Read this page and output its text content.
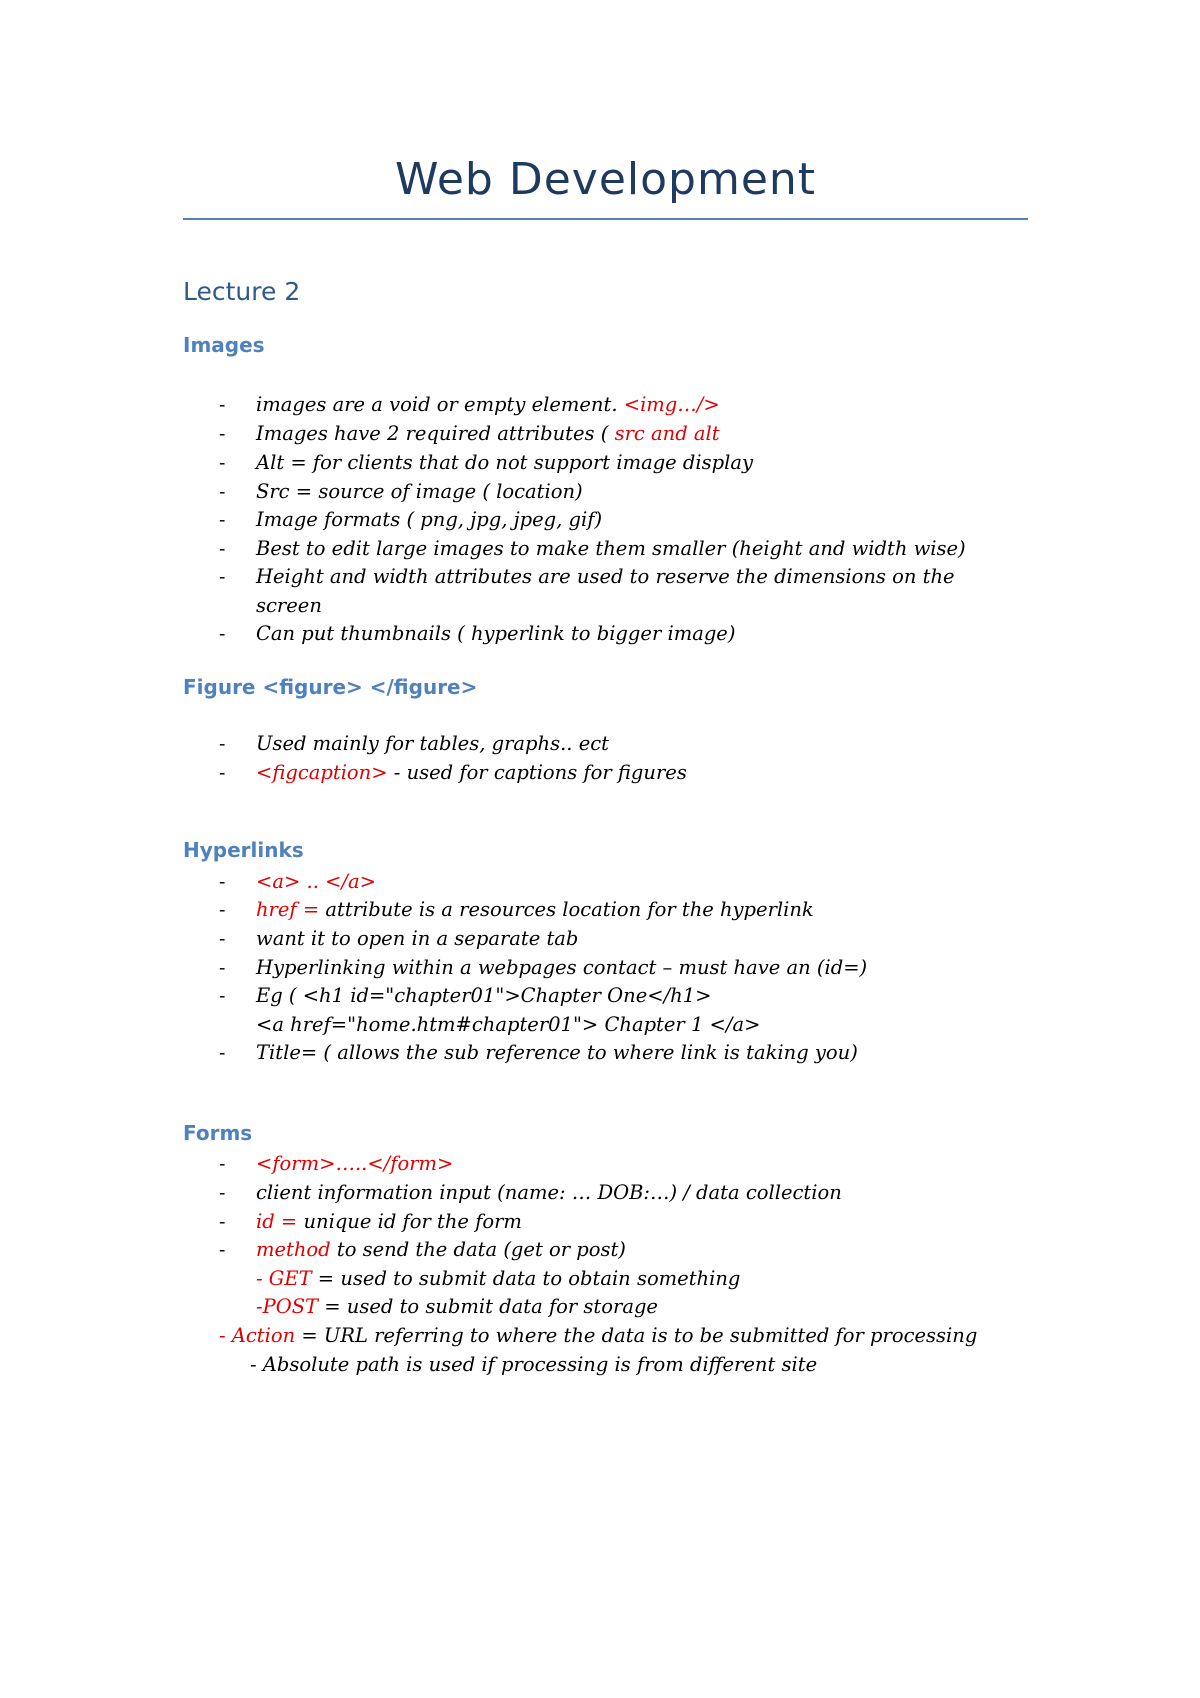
Web Development
Lecture 2
Images
- images are a void or empty element. <img…/>
- Images have 2 required attributes ( src and alt
- Alt = for clients that do not support image display
- Src = source of image ( location)
- Image formats ( png, jpg, jpeg, gif)
- Best to edit large images to make them smaller (height and width wise)
- Height and width attributes are used to reserve the dimensions on the
screen
- Can put thumbnails ( hyperlink to bigger image)
Figure <figure> </figure>
- Used mainly for tables, graphs.. ect
- <figcaption> - used for captions for figures
Hyperlinks
- <a> .. </a>
- href = attribute is a resources location for the hyperlink
- want it to open in a separate tab
- Hyperlinking within a webpages contact – must have an (id=)
- Eg ( <h1 id="chapter01">Chapter One</h1>
<a href="home.htm#chapter01"> Chapter 1 </a>
- Title= ( allows the sub reference to where link is taking you)
Forms
- <form>…..</form>
- client information input (name: … DOB:…) / data collection
- id = unique id for the form
- method to send the data (get or post)
- GET = used to submit data to obtain something
-POST = used to submit data for storage
- Action = URL referring to where the data is to be submitted for processing
- Absolute path is used if processing is from different site
